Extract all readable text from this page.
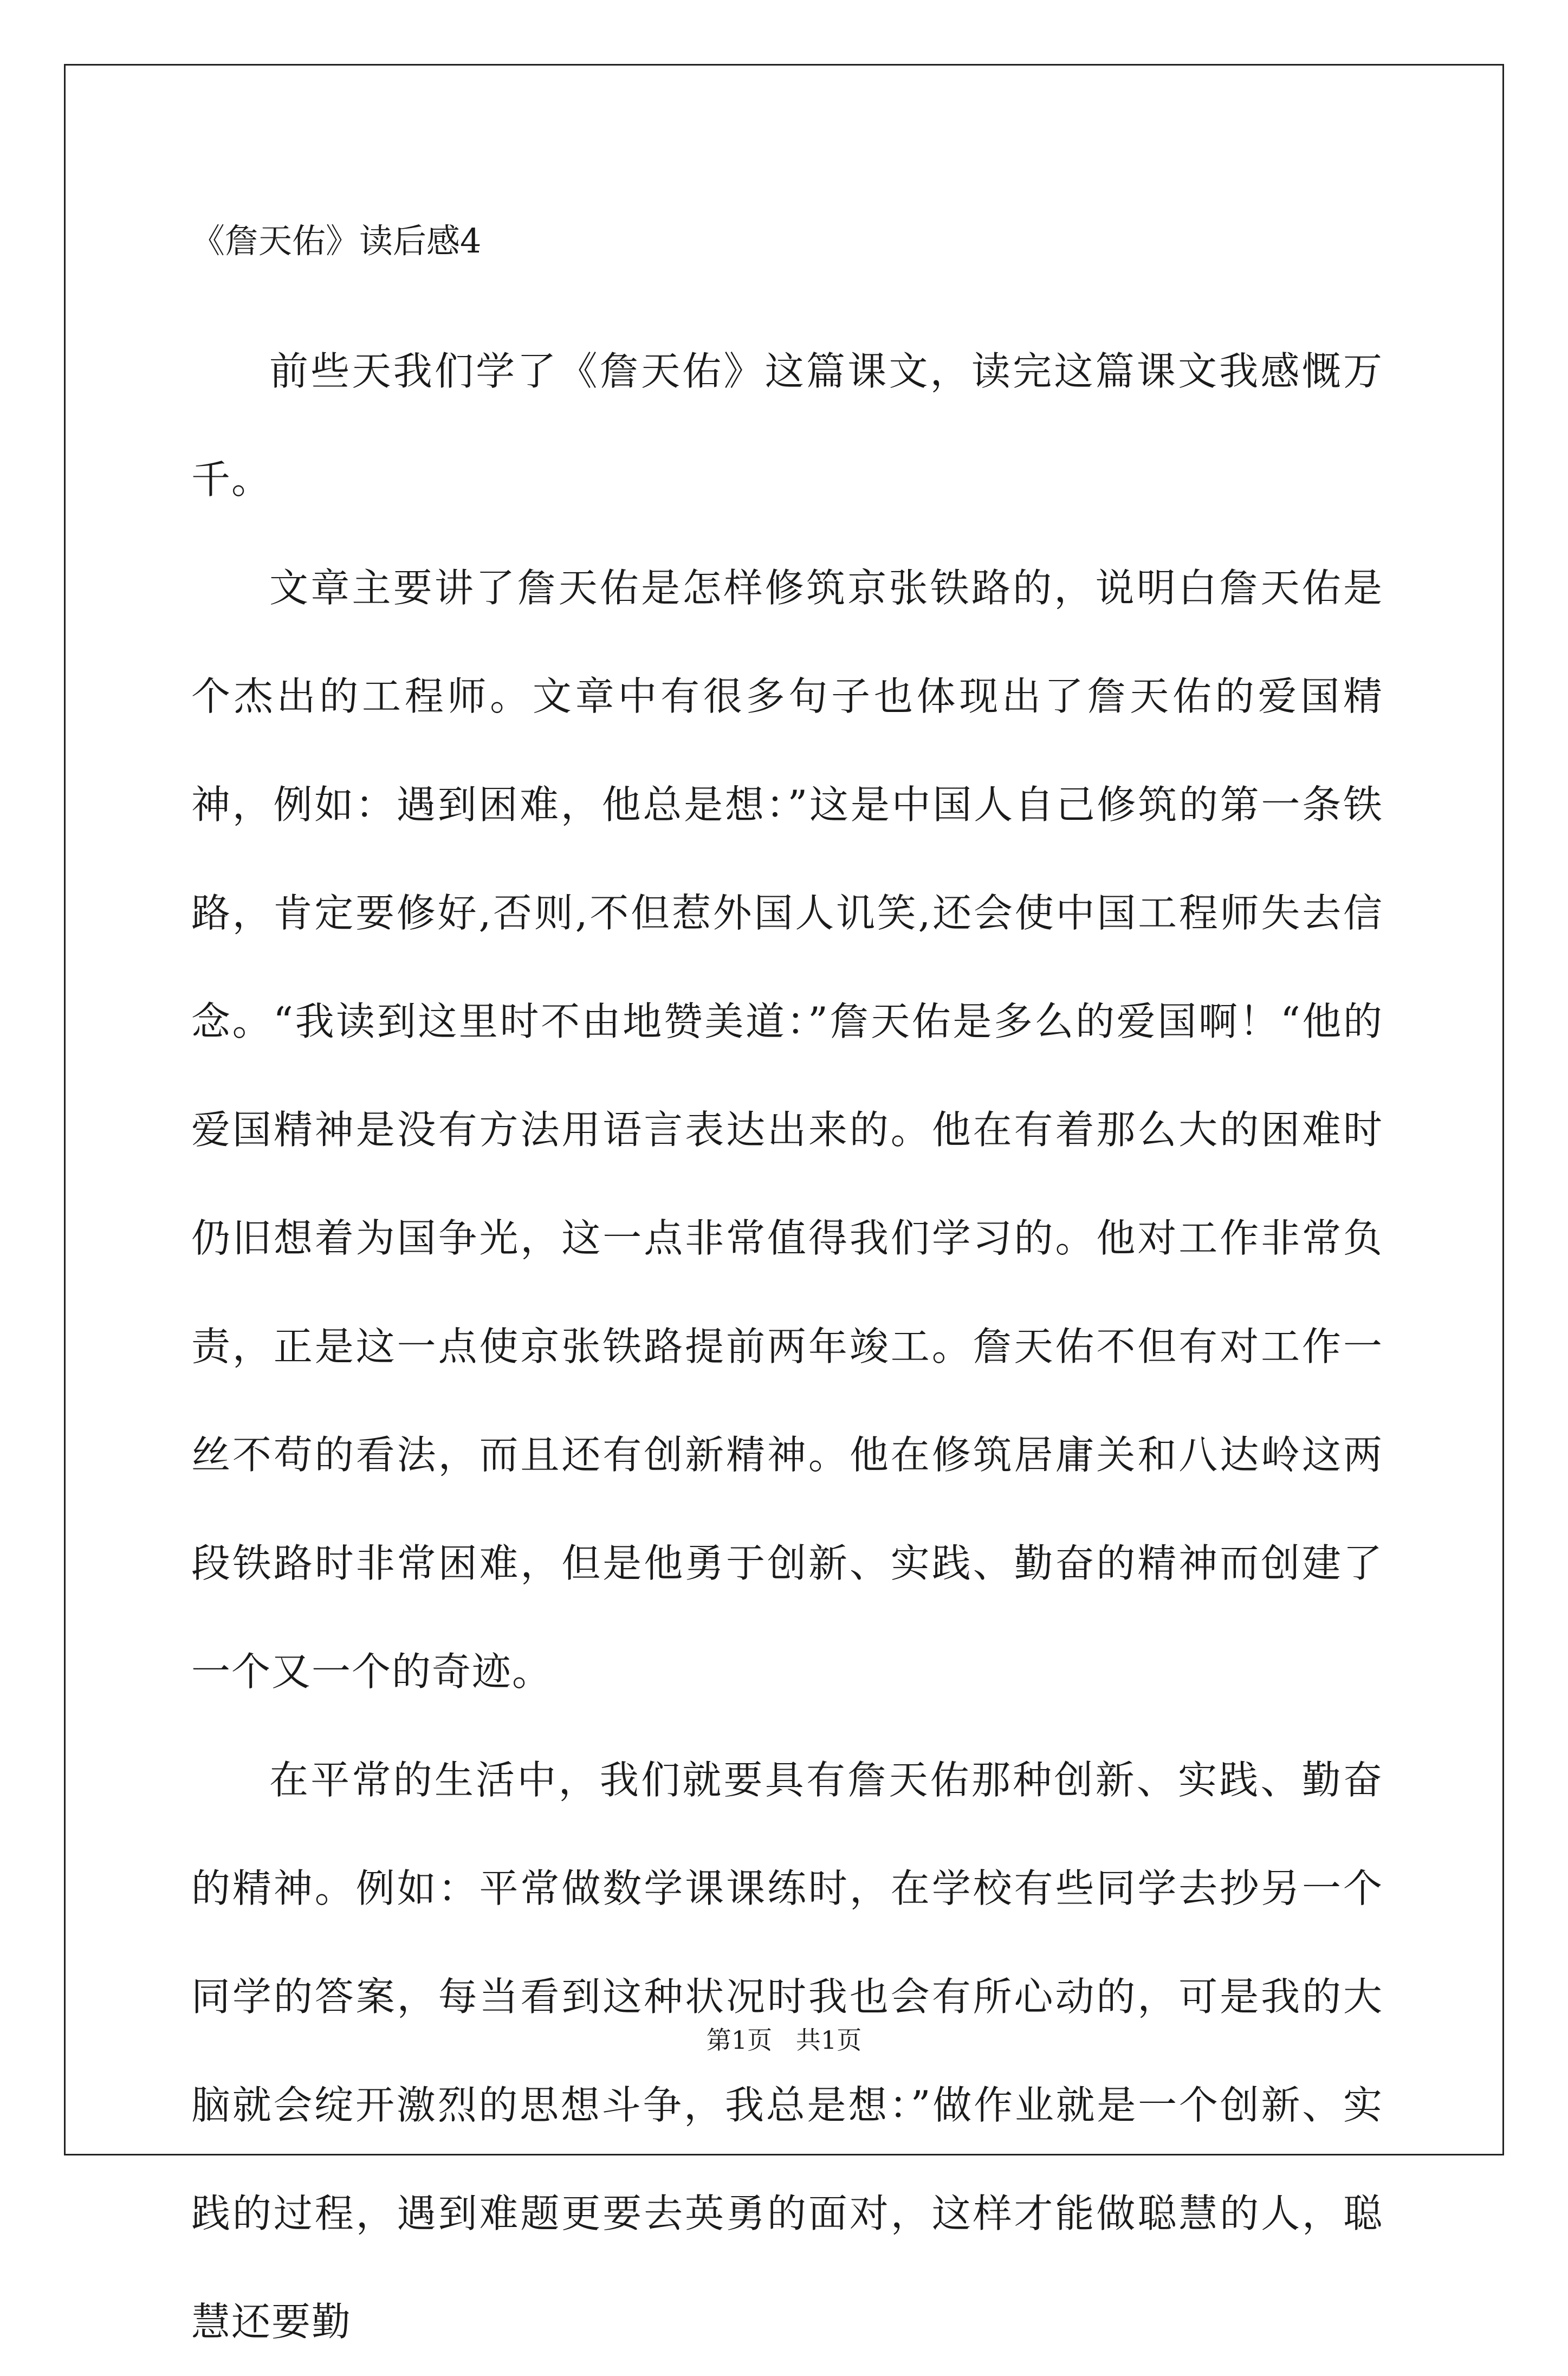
《詹天佑》读后感4

前些天我们学了《詹天佑》这篇课文，读完这篇课文我感慨万千。

文章主要讲了詹天佑是怎样修筑京张铁路的，说明白詹天佑是个杰出的工程师。文章中有很多句子也体现出了詹天佑的爱国精神，例如：遇到困难，他总是想：”这是中国人自己修筑的第一条铁路，肯定要修好,否则,不但惹外国人讥笑,还会使中国工程师失去信念。“我读到这里时不由地赞美道：”詹天佑是多么的爱国啊！“他的爱国精神是没有方法用语言表达出来的。他在有着那么大的困难时仍旧想着为国争光，这一点非常值得我们学习的。他对工作非常负责，正是这一点使京张铁路提前两年竣工。詹天佑不但有对工作一丝不苟的看法，而且还有创新精神。他在修筑居庸关和八达岭这两段铁路时非常困难，但是他勇于创新、实践、勤奋的精神而创建了一个又一个的奇迹。

在平常的生活中，我们就要具有詹天佑那种创新、实践、勤奋的精神。例如：平常做数学课课练时，在学校有些同学去抄另一个同学的答案，每当看到这种状况时我也会有所心动的，可是我的大脑就会绽开激烈的思想斗争，我总是想：”做作业就是一个创新、实践的过程，遇到难题更要去英勇的面对，这样才能做聪慧的人，聪慧还要勤

第1页   共1页
